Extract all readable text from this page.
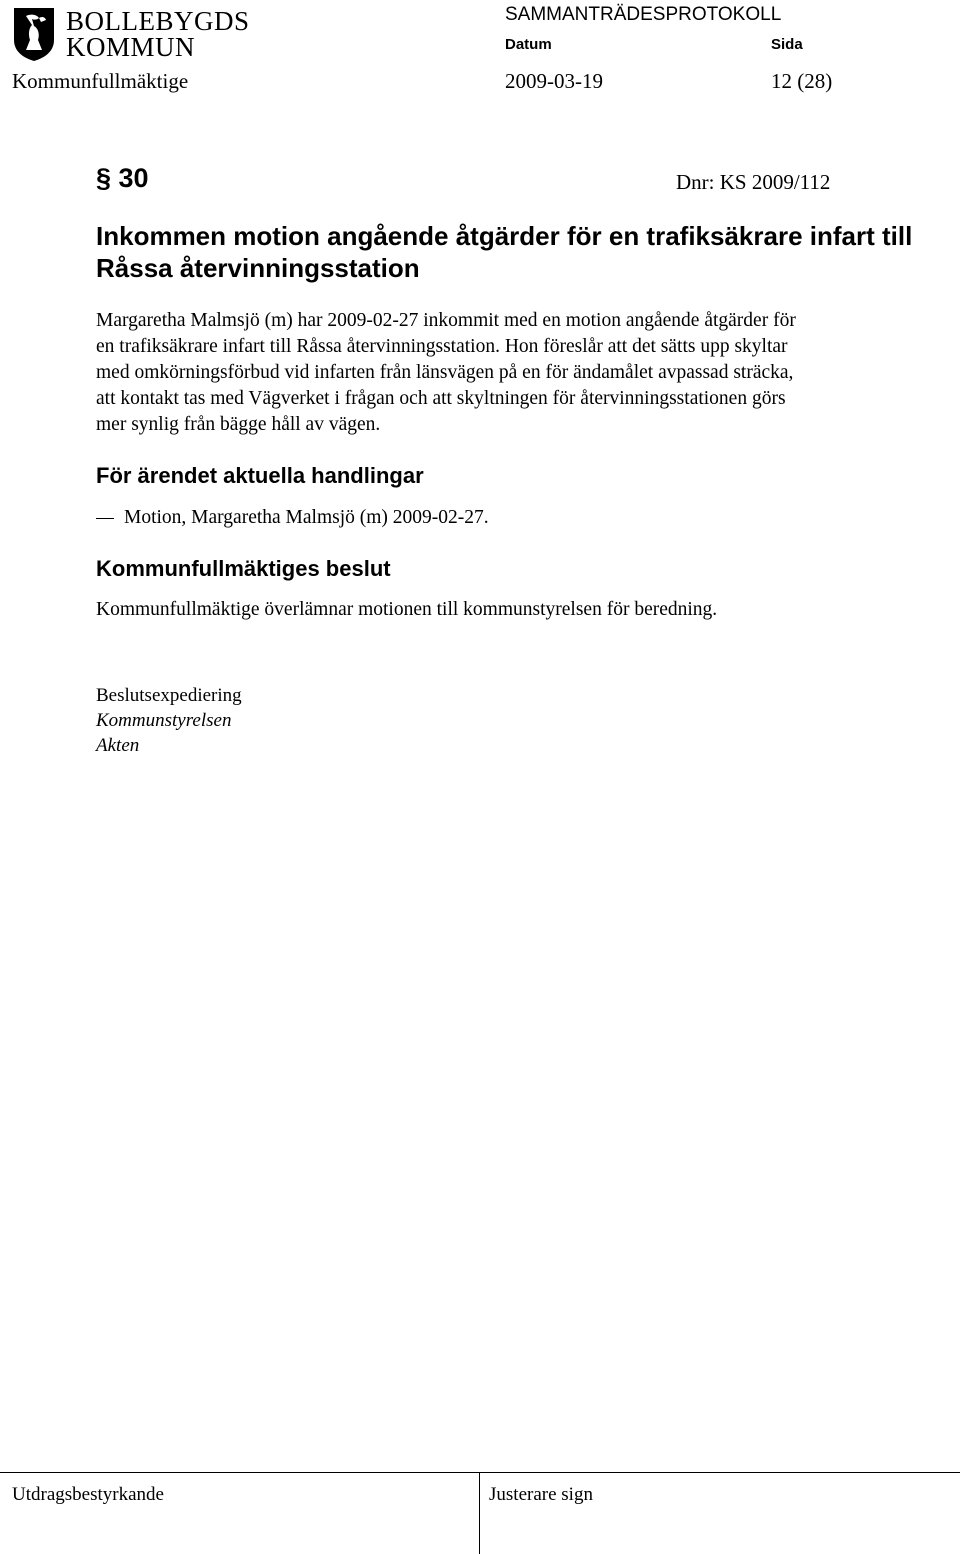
BOLLEBYGDS
KOMMUN
SAMMANTRÄDESPROTOKOLL
Datum	Sida
Kommunfullmäktige	2009-03-19	12 (28)
§ 30	Dnr: KS 2009/112
Inkommen motion angående åtgärder för en trafiksäkrare infart till Råssa återvinningsstation

Margaretha Malmsjö (m) har 2009-02-27 inkommit med en motion angående åtgärder för
en trafiksäkrare infart till Råssa återvinningsstation. Hon föreslår att det sätts upp skyltar
med omkörningsförbud vid infarten från länsvägen på en för ändamålet avpassad sträcka,
att kontakt tas med Vägverket i frågan och att skyltningen för återvinningsstationen görs
mer synlig från bägge håll av vägen.

För ärendet aktuella handlingar
Motion, Margaretha Malmsjö (m) 2009-02-27.
Kommunfullmäktiges beslut

Kommunfullmäktige överlämnar motionen till kommunstyrelsen för beredning.

Beslutsexpediering
Kommunstyrelsen
Akten
Utdragsbestyrkande	Justerare sign
